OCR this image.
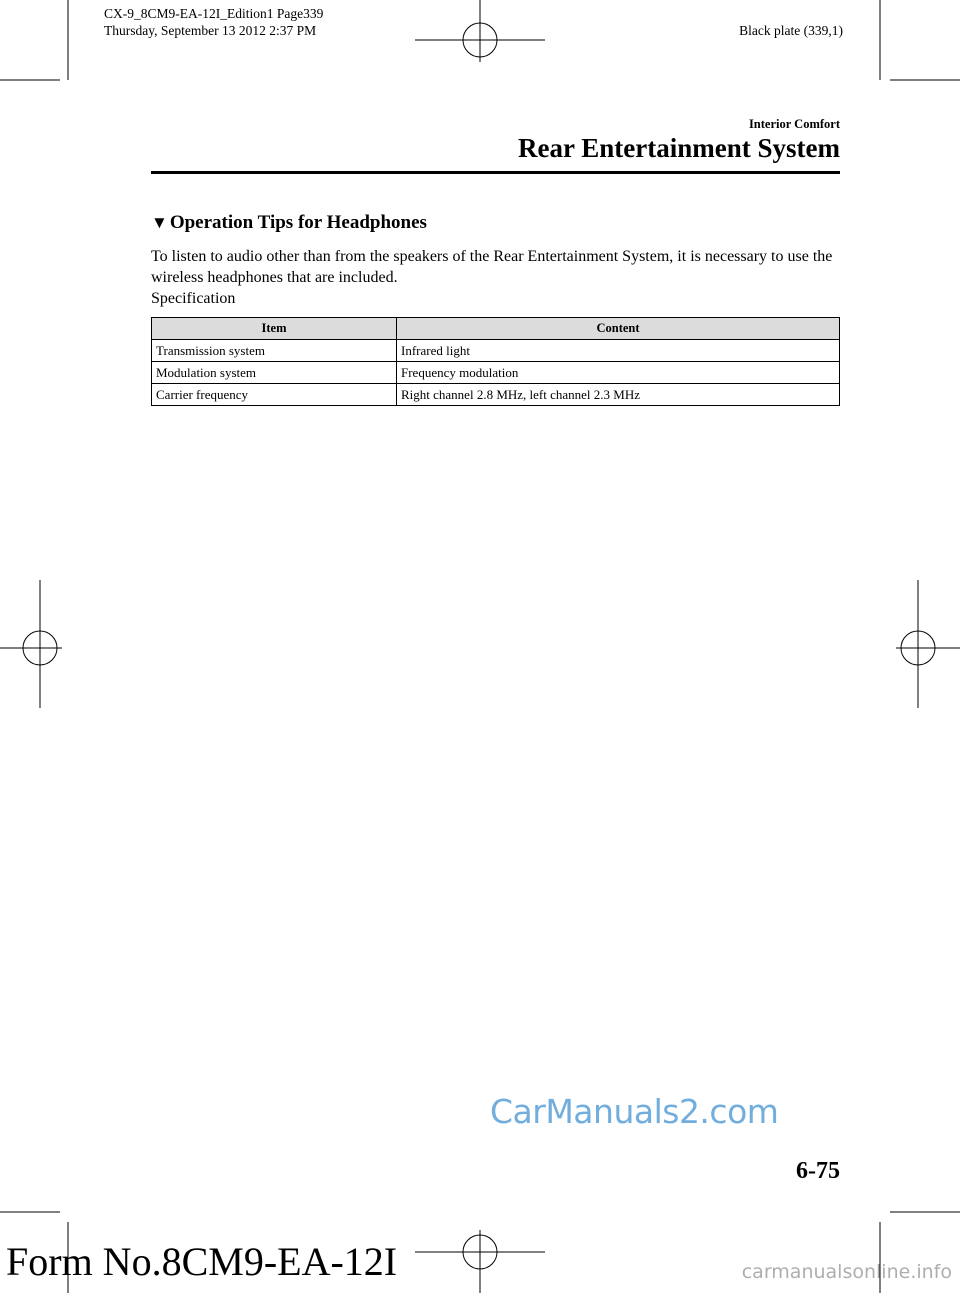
CX-9_8CM9-EA-12I_Edition1 Page339
Thursday, September 13 2012 2:37 PM	Black plate (339,1)
Interior Comfort
Rear Entertainment System
▼ Operation Tips for Headphones
To listen to audio other than from the speakers of the Rear Entertainment System, it is necessary to use the wireless headphones that are included.
Specification
Item	Content
Transmission system	Infrared light
Modulation system	Frequency modulation
Carrier frequency	Right channel 2.8 MHz, left channel 2.3 MHz
CarManuals2.com
6-75
Form No.8CM9-EA-12I	carmanualsonline.info
